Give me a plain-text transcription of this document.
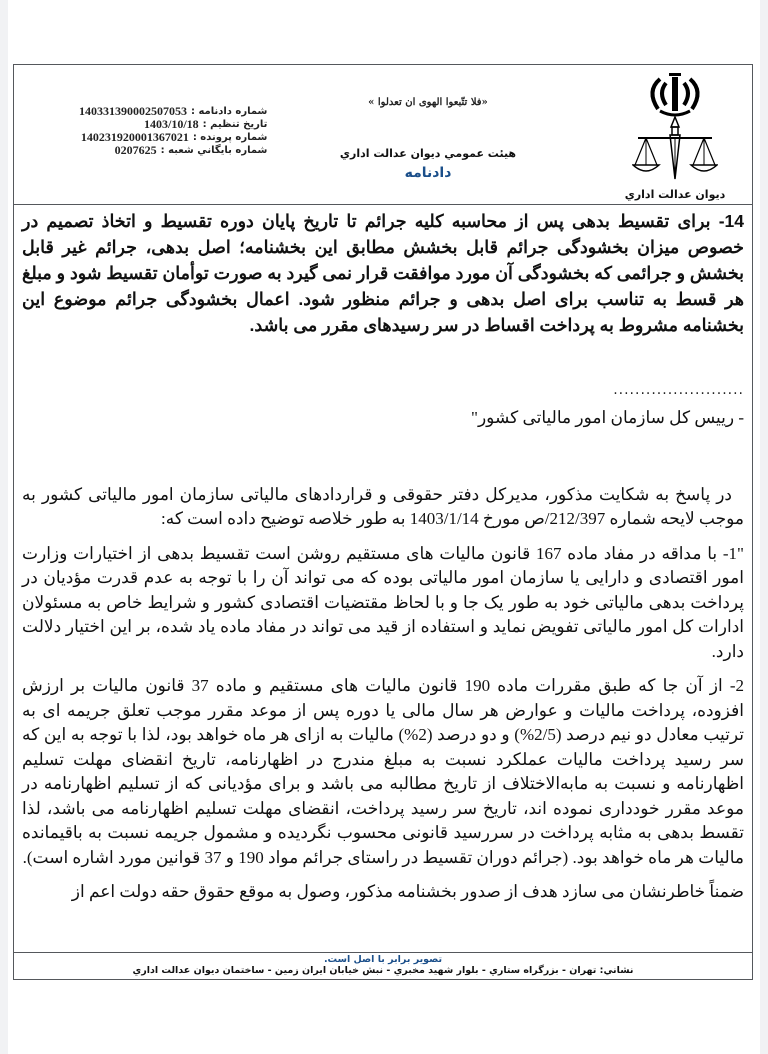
ديوان عدالت اداري
«فلا تتّبعوا الهوى ان تعدلوا »
هيئت عمومي ديوان عدالت اداري
دادنامه
شماره دادنامه :
140331390002507053
تاريخ تنظيم :
1403/10/18
شماره پرونده :
140231920001367021
شماره بايگاني شعبه :
0207625

14- برای تقسیط بدهی پس از محاسبه کلیه جرائم تا تاریخ پایان دوره تقسیط و اتخاذ تصمیم در خصوص میزان بخشودگی جرائم قابل بخشش مطابق این بخشنامه؛ اصل بدهی، جرائم غیر قابل بخشش و جرائمی که بخشودگی آن مورد موافقت قرار نمی گیرد به صورت توأمان تقسیط شود و مبلغ هر قسط به تناسب برای اصل بدهی و جرائم منظور شود. اعمال بخشودگی جرائم موضوع این بخشنامه مشروط به پرداخت اقساط در سر رسیدهای مقرر می باشد.

........................

- رییس کل سازمان امور مالیاتی کشور"

در پاسخ به شکایت مذکور، مدیرکل دفتر حقوقی و قراردادهای مالیاتی سازمان امور مالیاتی کشور به موجب لایحه شماره 212/397/ص مورخ 1403/1/14 به طور خلاصه توضیح داده است که:

"1- با مداقه در مفاد ماده 167 قانون مالیات های مستقیم روشن است تقسیط بدهی از اختیارات وزارت امور اقتصادی و دارایی یا سازمان امور مالیاتی بوده که می تواند آن را با توجه به عدم قدرت مؤدیان در پرداخت بدهی مالیاتی خود به طور یک جا و با لحاظ مقتضیات اقتصادی کشور و شرایط خاص به مسئولان ادارات کل امور مالیاتی تفویض نماید و استفاده از قید می تواند در مفاد ماده یاد شده، بر این اختیار دلالت دارد.

2- از آن جا که طبق مقررات ماده 190 قانون مالیات های مستقیم و ماده 37 قانون مالیات بر ارزش افزوده، پرداخت مالیات و عوارض هر سال مالی یا دوره پس از موعد مقرر موجب تعلق جریمه ای به ترتیب معادل دو نیم درصد (2/5%) و دو درصد (2%) مالیات به ازای هر ماه خواهد بود، لذا با توجه به این که سر رسید پرداخت مالیات عملکرد نسبت به مبلغ مندرج در اظهارنامه، تاریخ انقضای مهلت تسلیم اظهارنامه و نسبت به مابه‌الاختلاف از تاریخ مطالبه می باشد و برای مؤدیانی که از تسلیم اظهارنامه در موعد مقرر خودداری نموده اند، تاریخ سر رسید پرداخت، انقضای مهلت تسلیم اظهارنامه می باشد، لذا تقسط بدهی به مثابه پرداخت در سررسید قانونی محسوب نگردیده و مشمول جریمه نسبت به باقیمانده مالیات هر ماه خواهد بود. (جرائم دوران تقسیط در راستای جرائم مواد 190 و 37 قوانین مورد اشاره است).

ضمناً خاطرنشان می سازد هدف از صدور بخشنامه مذکور، وصول به موقع حقوق حقه دولت اعم از

تصوير برابر با اصل است.
نشاني: تهران - بزرگراه ستاري - بلوار شهيد مخبري - نبش خيابان ايران زمين - ساختمان ديوان عدالت اداري
